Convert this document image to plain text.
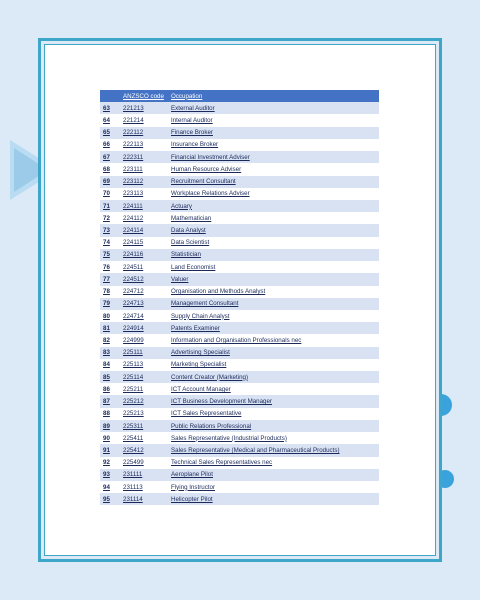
	ANZSCO code	Occupation
63	221213	External Auditor
64	221214	Internal Auditor
65	222112	Finance Broker
66	222113	Insurance Broker
67	222311	Financial Investment Adviser
68	223111	Human Resource Adviser
69	223112	Recruitment Consultant
70	223113	Workplace Relations Adviser
71	224111	Actuary
72	224112	Mathematician
73	224114	Data Analyst
74	224115	Data Scientist
75	224116	Statistician
76	224511	Land Economist
77	224512	Valuer
78	224712	Organisation and Methods Analyst
79	224713	Management Consultant
80	224714	Supply Chain Analyst
81	224914	Patents Examiner
82	224999	Information and Organisation Professionals nec
83	225111	Advertising Specialist
84	225113	Marketing Specialist
85	225114	Content Creator (Marketing)
86	225211	ICT Account Manager
87	225212	ICT Business Development Manager
88	225213	ICT Sales Representative
89	225311	Public Relations Professional
90	225411	Sales Representative (Industrial Products)
91	225412	Sales Representative (Medical and Pharmaceutical Products)
92	225499	Technical Sales Representatives nec
93	231111	Aeroplane Pilot
94	231113	Flying Instructor
95	231114	Helicopter Pilot
